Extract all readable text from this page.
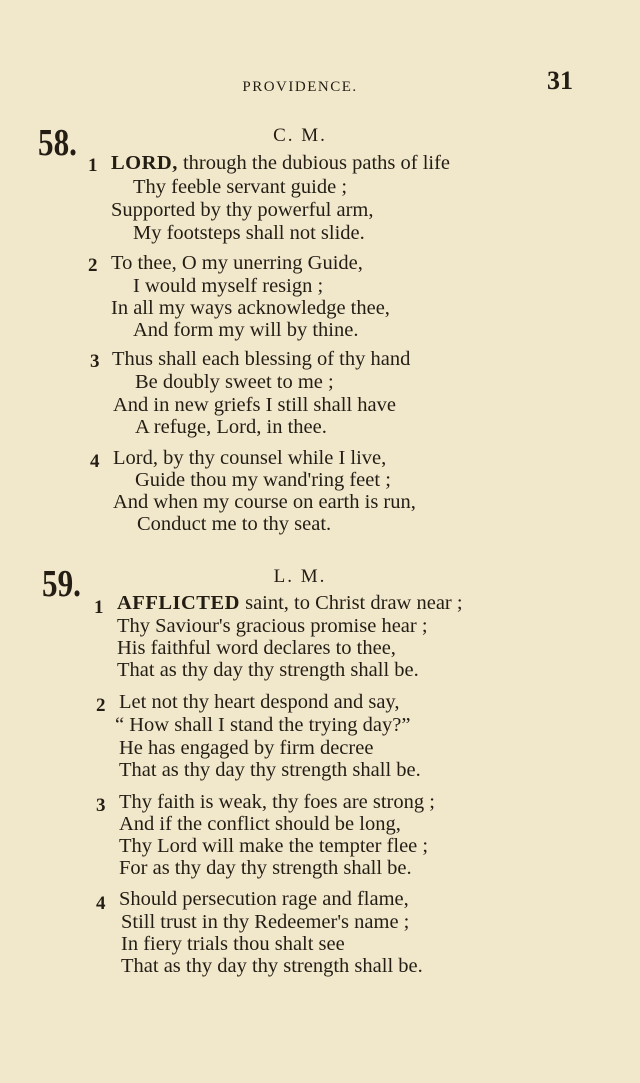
PROVIDENCE.	31
58.	C. M.
1 LORD, through the dubious paths of life
Thy feeble servant guide ;
Supported by thy powerful arm,
My footsteps shall not slide.
2 To thee, O my unerring Guide,
I would myself resign ;
In all my ways acknowledge thee,
And form my will by thine.
3 Thus shall each blessing of thy hand
Be doubly sweet to me ;
And in new griefs I still shall have
A refuge, Lord, in thee.
4 Lord, by thy counsel while I live,
Guide thou my wand'ring feet ;
And when my course on earth is run,
Conduct me to thy seat.
59.	L. M.
1 AFFLICTED saint, to Christ draw near ;
Thy Saviour's gracious promise hear ;
His faithful word declares to thee,
That as thy day thy strength shall be.
2 Let not thy heart despond and say,
“ How shall I stand the trying day?”
He has engaged by firm decree
That as thy day thy strength shall be.
3 Thy faith is weak, thy foes are strong ;
And if the conflict should be long,
Thy Lord will make the tempter flee ;
For as thy day thy strength shall be.
4 Should persecution rage and flame,
Still trust in thy Redeemer's name ;
In fiery trials thou shalt see
That as thy day thy strength shall be.
